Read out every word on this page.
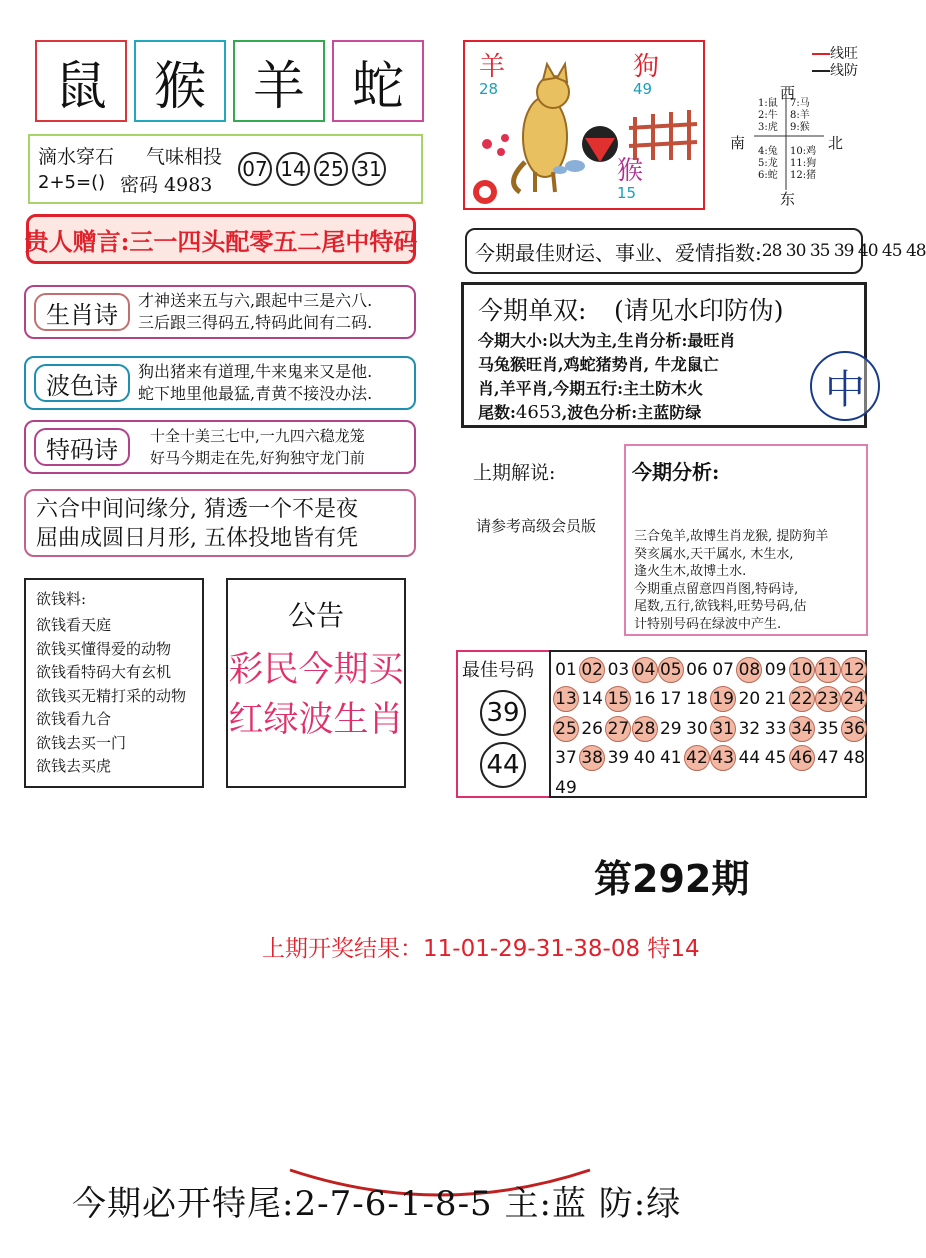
鼠 猴 羊 蛇
滴水穿石 气味相投
2+5=() 密码 4983
07 14 25 31
贵人赠言:三一四头配零五二尾中特码
生肖诗	才神送来五与六,跟起中三是六八.
三后跟三得码五,特码此间有二码.
波色诗	狗出猪来有道理,牛来鬼来又是他.
蛇下地里他最猛,青黄不接没办法.
特码诗	十全十美三七中,一九四六稳龙笼
好马今期走在先,好狗独守龙门前
六合中间问缘分, 猜透一个不是夜
屈曲成圆日月形, 五体投地皆有凭
欲钱料:
欲钱看天庭
欲钱买懂得爱的动物
欲钱看特码大有玄机
欲钱买无精打采的动物
欲钱看九合
欲钱去买一门
欲钱去买虎
公告
彩民今期买
红绿波生肖
羊
28
狗
49
猴
15
线旺
线防
西
南	北
东
1:鼠
2:牛
3:虎
7:马
8:羊
9:猴
4:兔
5:龙
6:蛇
10:鸡
11:狗
12:猪
今期最佳财运、事业、爱情指数: 28 30 35 39 40 45 48
今期单双: (请见水印防伪)
中
今期大小:以大为主,生肖分析:最旺肖
马兔猴旺肖,鸡蛇猪势肖, 牛龙鼠亡
肖,羊平肖,今期五行:主土防木火
尾数:4653,波色分析:主蓝防绿
上期解说:
请参考高级会员版
今期分析:
三合兔羊,故博生肖龙猴, 提防狗羊
癸亥属水,天干属水, 木生水,
逢火生木,故博土水.
今期重点留意四肖图,特码诗,
尾数,五行,欲钱料,旺势号码,估
计特别号码在绿波中产生.
最佳号码
39
44
01 02 03 04 05 06 07 08 09 10 11 12
13 14 15 16 17 18 19 20 21 22 23 24
25 26 27 28 29 30 31 32 33 34 35 36
37 38 39 40 41 42 43 44 45 46 47 48
49
第292期
上期开奖结果：11-01-29-31-38-08 特14
今期必开特尾:2-7-6-1-8-5 主:蓝 防:绿
